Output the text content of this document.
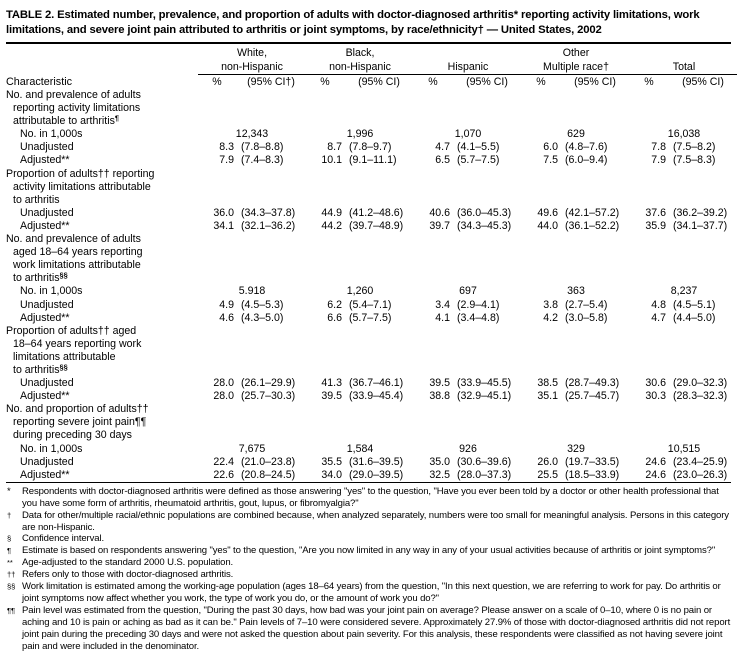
TABLE 2. Estimated number, prevalence, and proportion of adults with doctor-diagnosed arthritis* reporting activity limitations, work limitations, and severe joint pain attributed to arthritis or joint symptoms, by race/ethnicity† — United States, 2002

	White,		Black,				Other			
	non-Hispanic		non-Hispanic		Hispanic		Multiple race†		Total	
Characteristic	%	(95% CI†)	%	(95% CI)	%	(95% CI)	%	(95% CI)	%	(95% CI)
No. and prevalence of adults										
reporting activity limitations										
attributable to arthritis¶
No. in 1,000s	12,343		1,996		1,070		629		16,038	
Unadjusted	8.3	(7.8–8.8)	8.7	(7.8–9.7)	4.7	(4.1–5.5)	6.0	(4.8–7.6)	7.8	(7.5–8.2)
Adjusted**	7.9	(7.4–8.3)	10.1	(9.1–11.1)	6.5	(5.7–7.5)	7.5	(6.0–9.4)	7.9	(7.5–8.3)
Proportion of adults†† reporting										
activity limitations attributable										
to arthritis										
Unadjusted	36.0	(34.3–37.8)	44.9	(41.2–48.6)	40.6	(36.0–45.3)	49.6	(42.1–57.2)	37.6	(36.2–39.2)
Adjusted**	34.1	(32.1–36.2)	44.2	(39.7–48.9)	39.7	(34.3–45.3)	44.0	(36.1–52.2)	35.9	(34.1–37.7)
No. and prevalence of adults										
aged 18–64 years reporting										
work limitations attributable										
to arthritis§§
No. in 1,000s	5.918		1,260		697		363		8,237	
Unadjusted	4.9	(4.5–5.3)	6.2	(5.4–7.1)	3.4	(2.9–4.1)	3.8	(2.7–5.4)	4.8	(4.5–5.1)
Adjusted**	4.6	(4.3–5.0)	6.6	(5.7–7.5)	4.1	(3.4–4.8)	4.2	(3.0–5.8)	4.7	(4.4–5.0)
Proportion of adults†† aged										
18–64 years reporting work										
limitations attributable										
to arthritis§§
Unadjusted	28.0	(26.1–29.9)	41.3	(36.7–46.1)	39.5	(33.9–45.5)	38.5	(28.7–49.3)	30.6	(29.0–32.3)
Adjusted**	28.0	(25.7–30.3)	39.5	(33.9–45.4)	38.8	(32.9–45.1)	35.1	(25.7–45.7)	30.3	(28.3–32.3)
No. and proportion of adults††										
reporting severe joint pain¶¶										
during preceding 30 days										
No. in 1,000s	7,675		1,584		926		329		10,515	
Unadjusted	22.4	(21.0–23.8)	35.5	(31.6–39.5)	35.0	(30.6–39.6)	26.0	(19.7–33.5)	24.6	(23.4–25.9)
Adjusted**	22.6	(20.8–24.5)	34.0	(29.0–39.5)	32.5	(28.0–37.3)	25.5	(18.5–33.9)	24.6	(23.0–26.3)
*	Respondents with doctor-diagnosed arthritis were defined as those answering "yes" to the question, "Have you ever been told by a doctor or other health professional that you have some form of arthritis, rheumatoid arthritis, gout, lupus, or fibromyalgia?"
†	Data for other/multiple racial/ethnic populations are combined because, when analyzed separately, numbers were too small for meaningful analysis. Persons in this category are non-Hispanic.
§	Confidence interval.
¶	Estimate is based on respondents answering "yes" to the question, "Are you now limited in any way in any of your usual activities because of arthritis or joint symptoms?"
** Age-adjusted to the standard 2000 U.S. population.
†† Refers only to those with doctor-diagnosed arthritis.
§§ Work limitation is estimated among the working-age population (ages 18–64 years) from the question, "In this next question, we are referring to work for pay. Do arthritis or joint symptoms now affect whether you work, the type of work you do, or the amount of work you do?"
¶¶ Pain level was estimated from the question, "During the past 30 days, how bad was your joint pain on average? Please answer on a scale of 0–10, where 0 is no pain or aching and 10 is pain or aching as bad as it can be." Pain levels of 7–10 were considered severe. Approximately 27.9% of those with doctor-diagnosed arthritis did not report joint pain during the preceding 30 days and were not asked the question about pain severity. For this analysis, these respondents were classified as not having severe joint pain and were included in the denominator.
